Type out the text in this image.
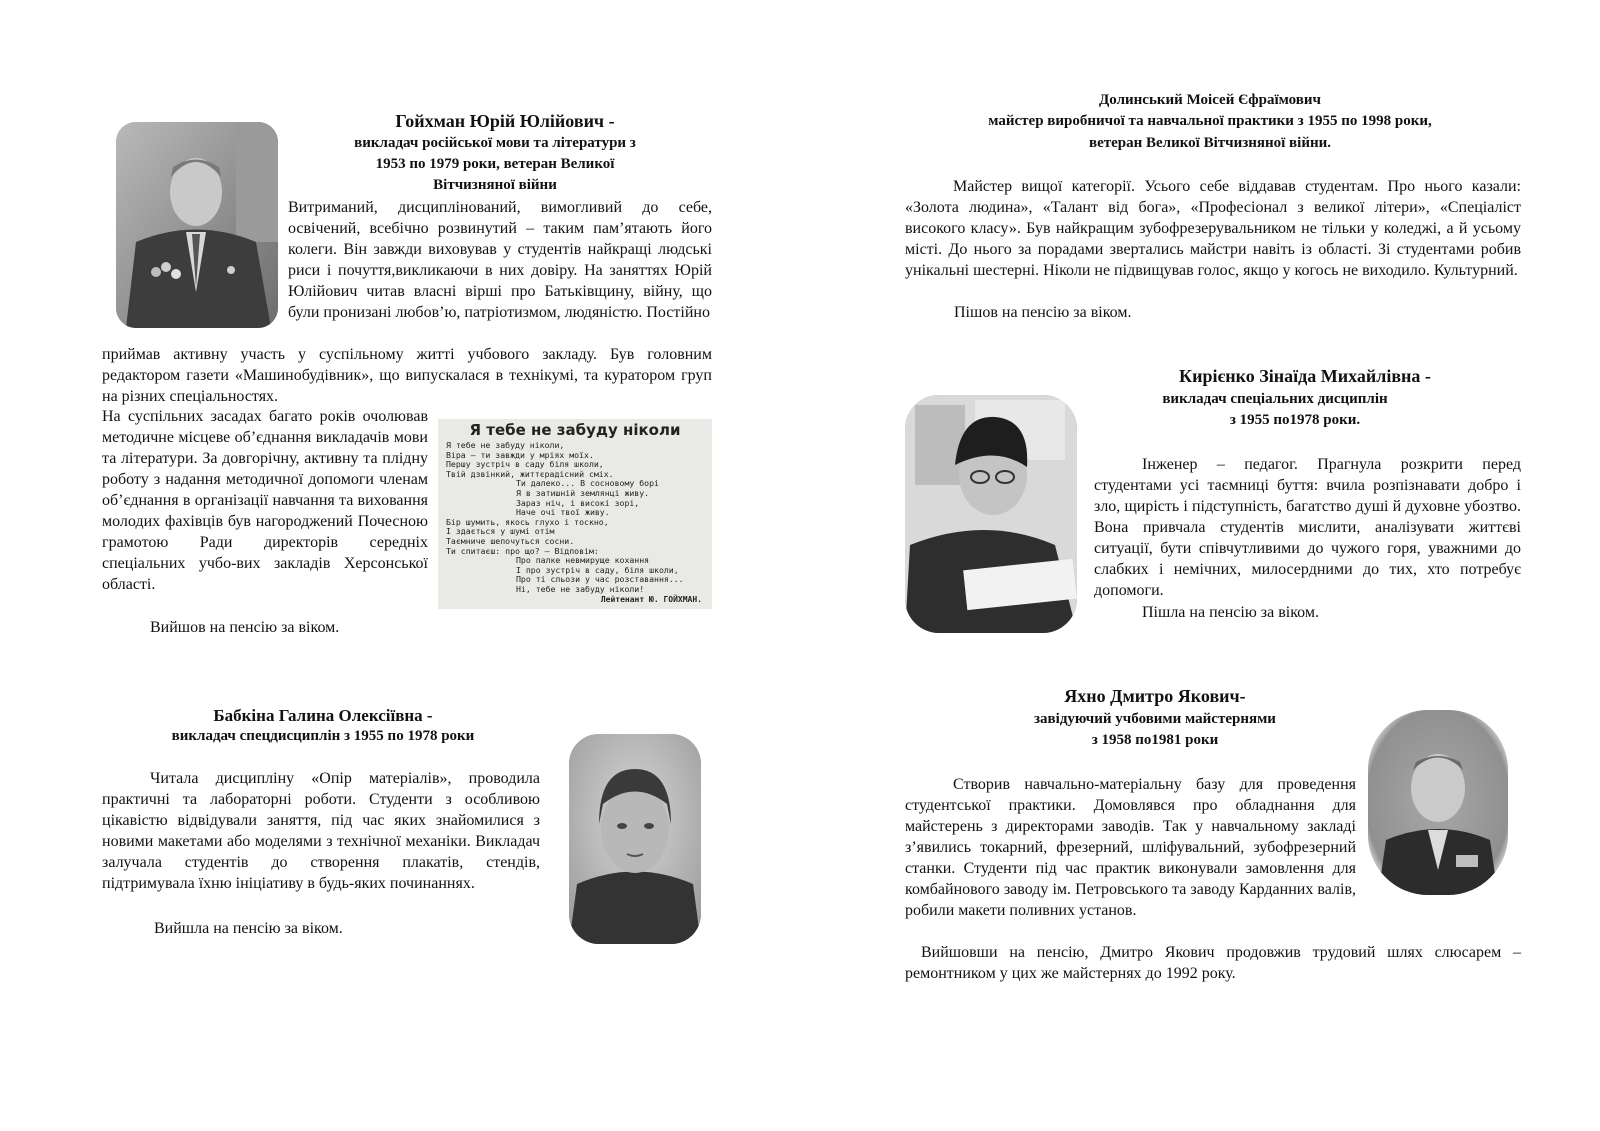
Гойхман Юрій Юлійович -
викладач російської мови та літератури з
1953 по 1979 роки, ветеран Великої
Вітчизняної війни

Витриманий, дисциплінований, вимогливий до себе, освічений, всебічно розвинутий – таким пам’ятають його колеги. Він завжди виховував у студентів найкращі людські риси і почуття,викликаючи в них довіру. На заняттях Юрій Юлійович читав власні вірші про Батьківщину, війну, що були пронизані любов’ю, патріотизмом, людяністю. Постійно

приймав активну участь у суспільному житті учбового закладу. Був головним редактором газети «Машинобудівник», що випускалася в технікумі, та куратором груп на різних спеціальностях.

На суспільних засадах багато років очолював методичне місцеве об’єднання викладачів мови та літератури. За довгорічну, активну та плідну роботу з надання методичної допомоги членам об’єднання в організації навчання та виховання молодих фахівців був нагороджений Почесною грамотою Ради директорів середніх спеціальних учбо-вих закладів Херсонської області.

Вийшов на пенсію за віком.

Я тебе не забуду ніколи
Я тебе не забуду ніколи,
Віра — ти завжди у мріях моїх.
Першу зустріч в саду біля школи,
Твій дзвінкий, життєрадісний сміх.
Ти далеко... В сосновому борі
Я в затишній землянці живу.
Зараз ніч, і високі зорі,
Наче очі твої живу.
Бір шумить, якось глухо і тоскно,
І здається у шумі отім
Таємниче шепочуться сосни.
Ти спитаєш: про що? — Відповім:
Про палке невмируще кохання
І про зустріч в саду, біля школи,
Про ті сльози у час розставання...
Ні, тебе не забуду ніколи!
Лейтенант Ю. ГОЙХМАН.
Бабкіна Галина Олексіївна -
викладач спецдисциплін з 1955 по 1978 роки

Читала дисципліну «Опір матеріалів», проводила практичні та лабораторні роботи. Студенти з особливою цікавістю відвідували заняття, під час яких знайомилися з новими макетами або моделями з технічної механіки. Викладач залучала студентів до створення плакатів, стендів, підтримувала їхню ініціативу в будь-яких починаннях.

Вийшла на пенсію за віком.

Долинський Моісей Єфраїмович
майстер виробничої та навчальної практики з 1955 по 1998 роки,
ветеран Великої Вітчизняної війни.

Майстер вищої категорії. Усього себе віддавав студентам. Про нього казали: «Золота людина», «Талант від бога», «Професіонал з великої літери», «Спеціаліст високого класу». Був найкращим зубофрезерувальником не тільки у коледжі, а й усьому місті. До нього за порадами звертались майстри навіть із області. Зі студентами робив унікальні шестерні. Ніколи не підвищував голос, якщо у когось не виходило. Культурний.

Пішов на пенсію за віком.

Кирієнко Зінаїда Михайлівна -
викладач спеціальних дисциплін
з 1955 по1978 роки.

Інженер – педагог. Прагнула розкрити перед студентами усі таємниці буття: вчила розпізнавати добро і зло, щирість і підступність, багатство душі й духовне убозтво. Вона привчала студентів мислити, аналізувати життєві ситуації, бути співчутливими до чужого горя, уважними до слабких і немічних, милосердними до тих, хто потребує допомоги.

Пішла на пенсію за віком.

Яхно Дмитро Якович-
завідуючий учбовими майстернями
з 1958 по1981 роки

Створив навчально-матеріальну базу для проведення студентської практики. Домовлявся про обладнання для майстерень з директорами заводів. Так у навчальному закладі з’явились токарний, фрезерний, шліфувальний, зубофрезерний станки. Студенти під час практик виконували замовлення для комбайнового заводу ім. Петровського та заводу Карданних валів, робили макети поливних установ.

Вийшовши на пенсію, Дмитро Якович продовжив трудовий шлях слюсарем – ремонтником у цих же майстернях до 1992 року.
